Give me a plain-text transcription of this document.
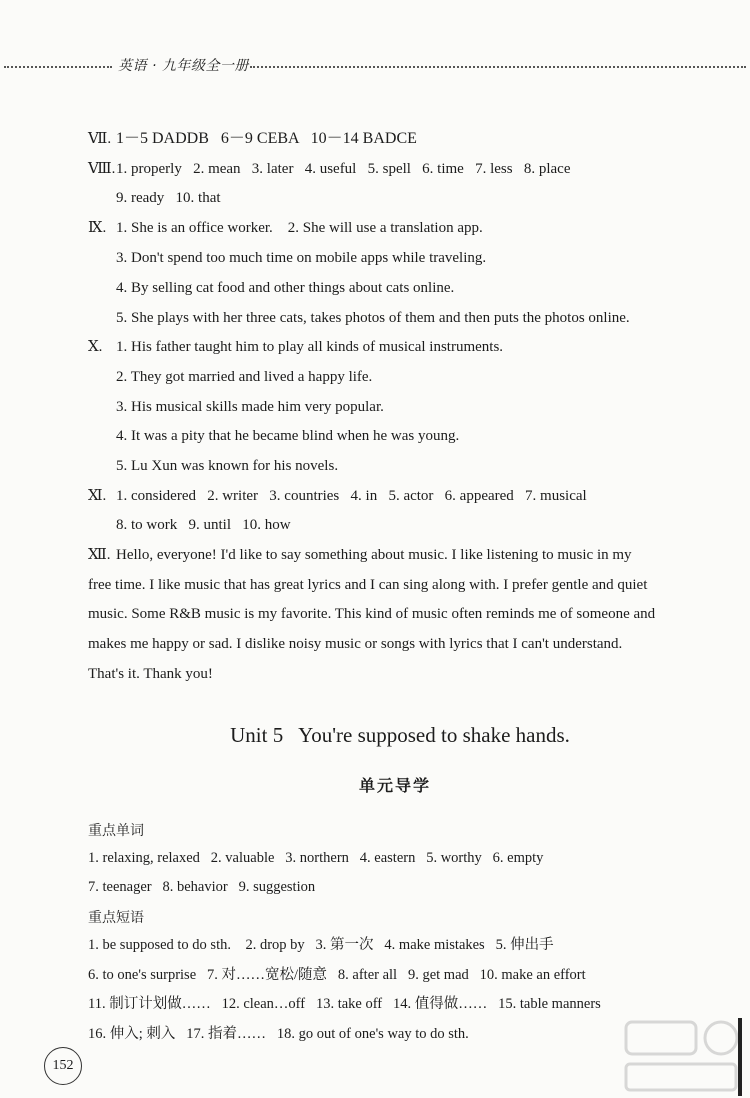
英语 · 九年级全一册
Ⅶ. 1－5 DADDB   6－9 CEBA   10－14 BADCE
Ⅷ. 1. properly   2. mean   3. later   4. useful   5. spell   6. time   7. less   8. place
9. ready   10. that
Ⅸ. 1. She is an office worker.    2. She will use a translation app.
3. Don't spend too much time on mobile apps while traveling.
4. By selling cat food and other things about cats online.
5. She plays with her three cats, takes photos of them and then puts the photos online.
Ⅹ. 1. His father taught him to play all kinds of musical instruments.
2. They got married and lived a happy life.
3. His musical skills made him very popular.
4. It was a pity that he became blind when he was young.
5. Lu Xun was known for his novels.
Ⅺ. 1. considered   2. writer   3. countries   4. in   5. actor   6. appeared   7. musical
8. to work   9. until   10. how
Ⅻ. Hello, everyone! I'd like to say something about music. I like listening to music in my
free time. I like music that has great lyrics and I can sing along with. I prefer gentle and quiet
music. Some R&B music is my favorite. This kind of music often reminds me of someone and
makes me happy or sad. I dislike noisy music or songs with lyrics that I can't understand.
That's it. Thank you!
Unit 5   You're supposed to shake hands.
单元导学
重点单词
1. relaxing, relaxed   2. valuable   3. northern   4. eastern   5. worthy   6. empty
7. teenager   8. behavior   9. suggestion
重点短语
1. be supposed to do sth.    2. drop by   3. 第一次   4. make mistakes   5. 伸出手
6. to one's surprise   7. 对……宽松/随意   8. after all   9. get mad   10. make an effort
11. 制订计划做……   12. clean…off   13. take off   14. 值得做……   15. table manners
16. 伸入; 刺入   17. 指着……   18. go out of one's way to do sth.
152
